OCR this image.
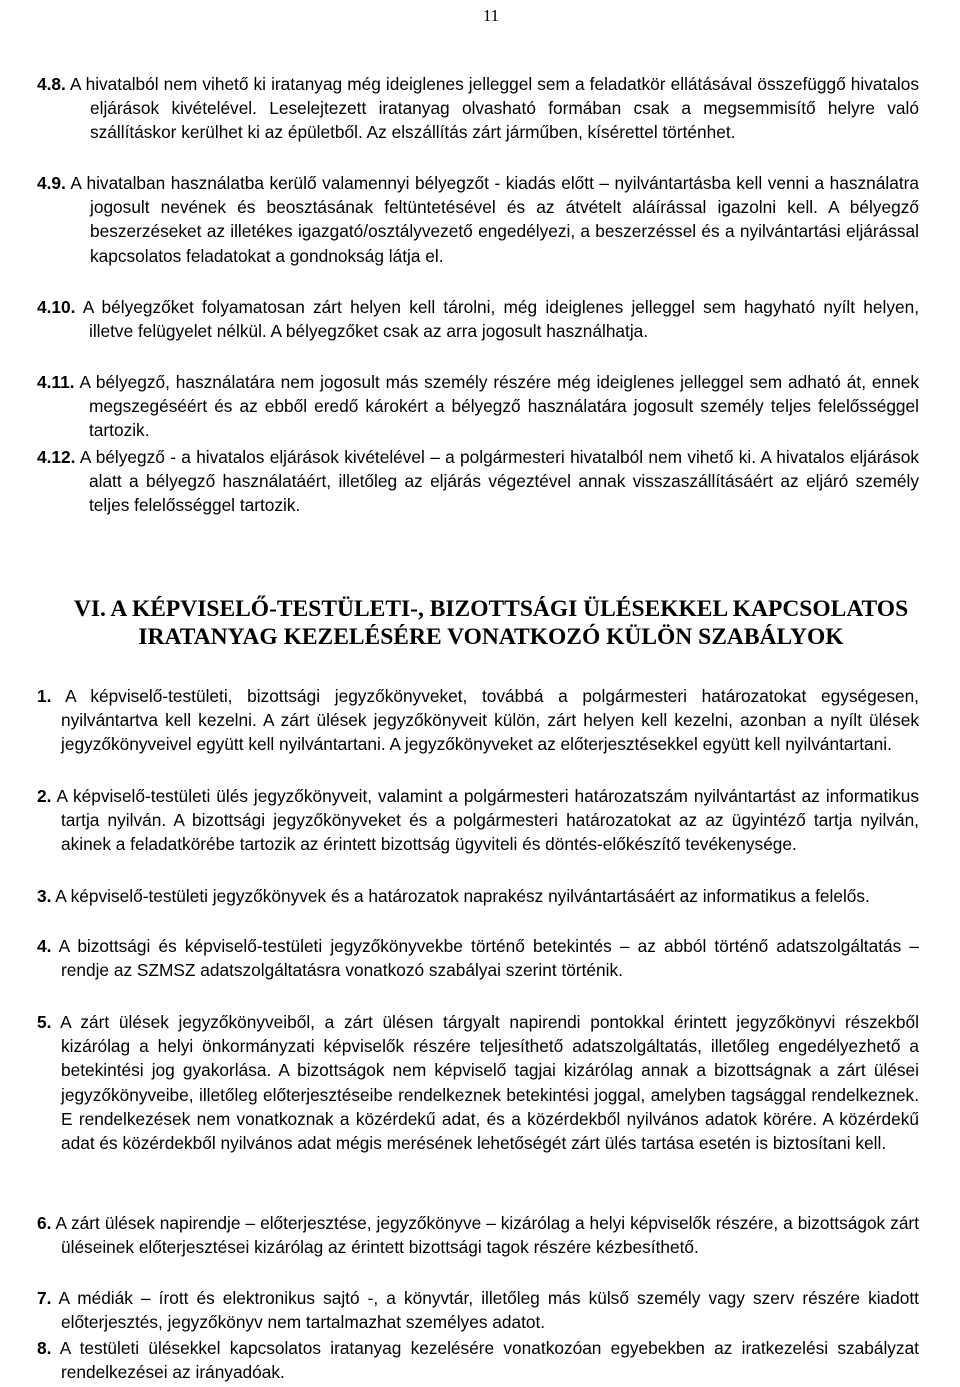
11

4.8. A hivatalból nem vihető ki iratanyag még ideiglenes jelleggel sem a feladatkör ellátásával összefüggő hivatalos eljárások kivételével. Leselejtezett iratanyag olvasható formában csak a megsemmisítő helyre való szállításkor kerülhet ki az épületből. Az elszállítás zárt járműben, kísérettel történhet.

4.9. A hivatalban használatba kerülő valamennyi bélyegzőt - kiadás előtt – nyilvántartásba kell venni a használatra jogosult nevének és beosztásának feltüntetésével és az átvételt aláírással igazolni kell. A bélyegző beszerzéseket az illetékes igazgató/osztályvezető engedélyezi, a beszerzéssel és a nyilvántartási eljárással kapcsolatos feladatokat a gondnokság látja el.

4.10. A bélyegzőket folyamatosan zárt helyen kell tárolni, még ideiglenes jelleggel sem hagyható nyílt helyen, illetve felügyelet nélkül. A bélyegzőket csak az arra jogosult használhatja.

4.11. A bélyegző, használatára nem jogosult más személy részére még ideiglenes jelleggel sem adható át, ennek megszegéséért és az ebből eredő károkért a bélyegző használatára jogosult személy teljes felelősséggel tartozik.

4.12. A bélyegző - a hivatalos eljárások kivételével – a polgármesteri hivatalból nem vihető ki. A hivatalos eljárások alatt a bélyegző használatáért, illetőleg az eljárás végeztével annak visszaszállításáért az eljáró személy teljes felelősséggel tartozik.

VI. A KÉPVISELŐ-TESTÜLETI-, BIZOTTSÁGI ÜLÉSEKKEL KAPCSOLATOS
IRATANYAG KEZELÉSÉRE VONATKOZÓ KÜLÖN SZABÁLYOK

1. A képviselő-testületi, bizottsági jegyzőkönyveket, továbbá a polgármesteri határozatokat egységesen, nyilvántartva kell kezelni. A zárt ülések jegyzőkönyveit külön, zárt helyen kell kezelni, azonban a nyílt ülések jegyzőkönyveivel együtt kell nyilvántartani. A jegyzőkönyveket az előterjesztésekkel együtt kell nyilvántartani.

2. A képviselő-testületi ülés jegyzőkönyveit, valamint a polgármesteri határozatszám nyilvántartást az informatikus tartja nyilván. A bizottsági jegyzőkönyveket és a polgármesteri határozatokat az az ügyintéző tartja nyilván, akinek a feladatkörébe tartozik az érintett bizottság ügyviteli és döntés-előkészítő tevékenysége.

3. A képviselő-testületi jegyzőkönyvek és a határozatok naprakész nyilvántartásáért az informatikus a felelős.

4. A bizottsági és képviselő-testületi jegyzőkönyvekbe történő betekintés – az abból történő adatszolgáltatás – rendje az SZMSZ adatszolgáltatásra vonatkozó szabályai szerint történik.

5. A zárt ülések jegyzőkönyveiből, a zárt ülésen tárgyalt napirendi pontokkal érintett jegyzőkönyvi részekből kizárólag a helyi önkormányzati képviselők részére teljesíthető adatszolgáltatás, illetőleg engedélyezhető a betekintési jog gyakorlása. A bizottságok nem képviselő tagjai kizárólag annak a bizottságnak a zárt ülései jegyzőkönyveibe, illetőleg előterjesztéseibe rendelkeznek betekintési joggal, amelyben tagsággal rendelkeznek. E rendelkezések nem vonatkoznak a közérdekű adat, és a közérdekből nyilvános adatok körére. A közérdekű adat és közérdekből nyilvános adat mégis merésének lehetőségét zárt ülés tartása esetén is biztosítani kell.

6. A zárt ülések napirendje – előterjesztése, jegyzőkönyve – kizárólag a helyi képviselők részére, a bizottságok zárt üléseinek előterjesztései kizárólag az érintett bizottsági tagok részére kézbesíthető.

7. A médiák – írott és elektronikus sajtó -, a könyvtár, illetőleg más külső személy vagy szerv részére kiadott előterjesztés, jegyzőkönyv nem tartalmazhat személyes adatot.

8. A testületi ülésekkel kapcsolatos iratanyag kezelésére vonatkozóan egyebekben az iratkezelési szabályzat rendelkezései az irányadóak.
